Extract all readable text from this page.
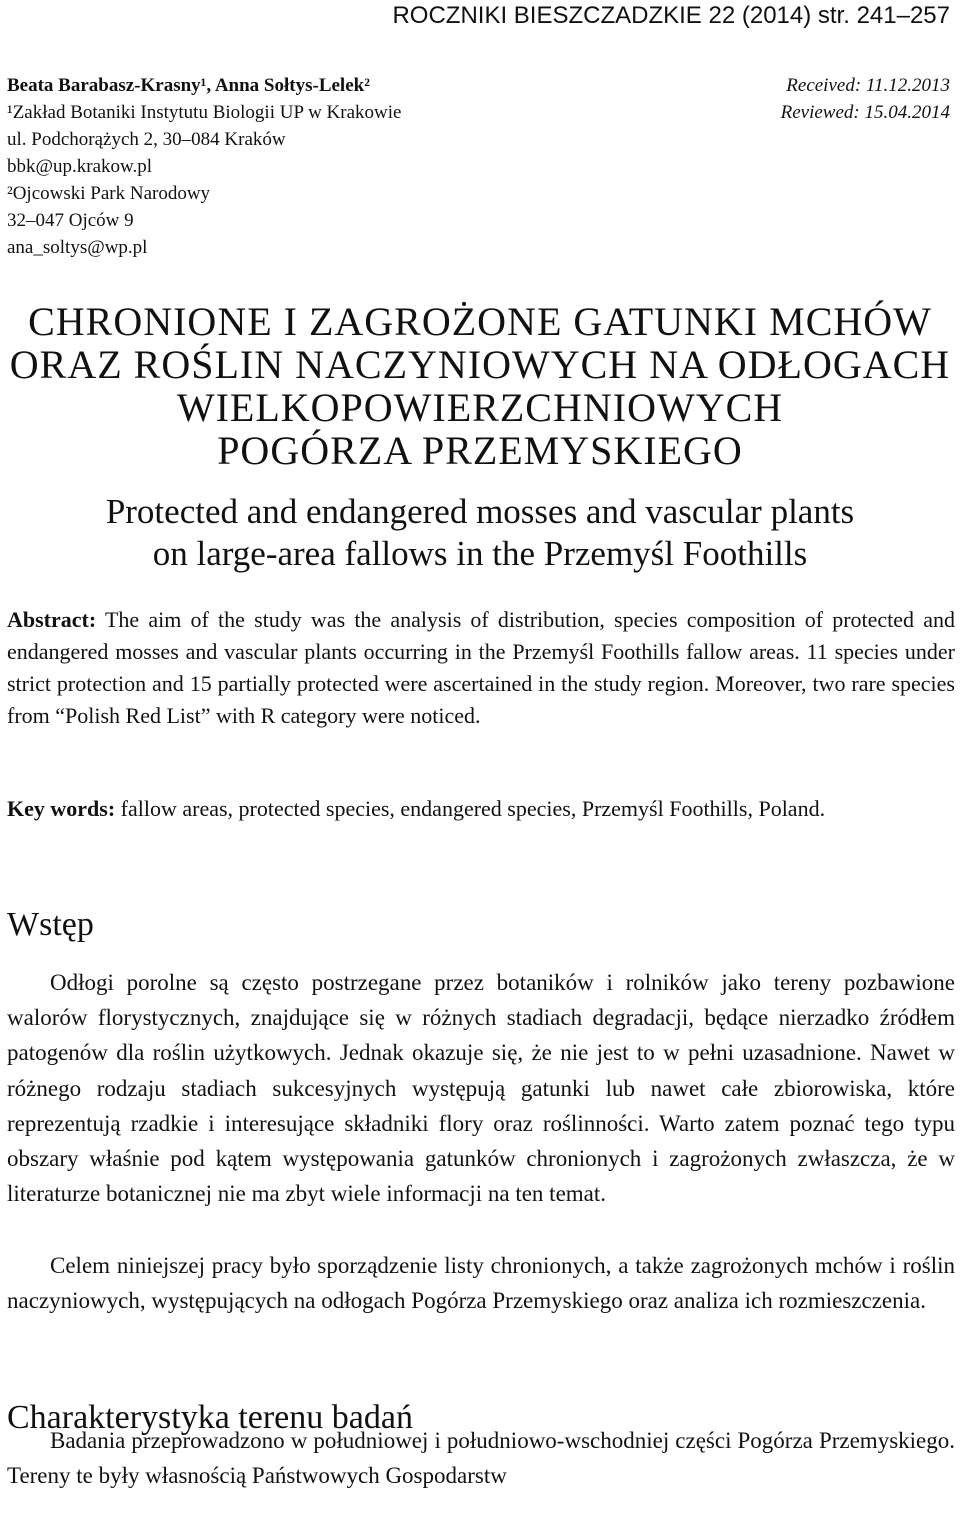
ROCZNIKI BIESZCZADZKIE 22 (2014) str. 241–257
Beata Barabasz-Krasny¹, Anna Sołtys-Lelek²
¹Zakład Botaniki Instytutu Biologii UP w Krakowie
ul. Podchorążych 2, 30–084 Kraków
bbk@up.krakow.pl
²Ojcowski Park Narodowy
32–047 Ojców 9
ana_soltys@wp.pl
Received: 11.12.2013
Reviewed: 15.04.2014
CHRONIONE I ZAGROŻONE GATUNKI MCHÓW
ORAZ ROŚLIN NACZYNIOWYCH NA ODŁOGACH
WIELKOPOWIERZCHNIOWYCH
POGÓRZA PRZEMYSKIEGO
Protected and endangered mosses and vascular plants
on large-area fallows in the Przemyśl Foothills
Abstract: The aim of the study was the analysis of distribution, species composition of protected and endangered mosses and vascular plants occurring in the Przemyśl Foothills fallow areas. 11 species under strict protection and 15 partially protected were ascertained in the study region. Moreover, two rare species from “Polish Red List” with R category were noticed.
Key words: fallow areas, protected species, endangered species, Przemyśl Foothills, Poland.
Wstęp
Odłogi porolne są często postrzegane przez botaników i rolników jako tereny pozbawione walorów florystycznych, znajdujące się w różnych stadiach degradacji, będące nierzadko źródłem patogenów dla roślin użytkowych. Jednak okazuje się, że nie jest to w pełni uzasadnione. Nawet w różnego rodzaju stadiach sukcesyjnych występują gatunki lub nawet całe zbiorowiska, które reprezentują rzadkie i interesujące składniki flory oraz roślinności. Warto zatem poznać tego typu obszary właśnie pod kątem występowania gatunków chronionych i zagrożonych zwłaszcza, że w literaturze botanicznej nie ma zbyt wiele informacji na ten temat.
Celem niniejszej pracy było sporządzenie listy chronionych, a także zagrożonych mchów i roślin naczyniowych, występujących na odłogach Pogórza Przemyskiego oraz analiza ich rozmieszczenia.
Charakterystyka terenu badań
Badania przeprowadzono w południowej i południowo-wschodniej części Pogórza Przemyskiego. Tereny te były własnością Państwowych Gospodarstw
